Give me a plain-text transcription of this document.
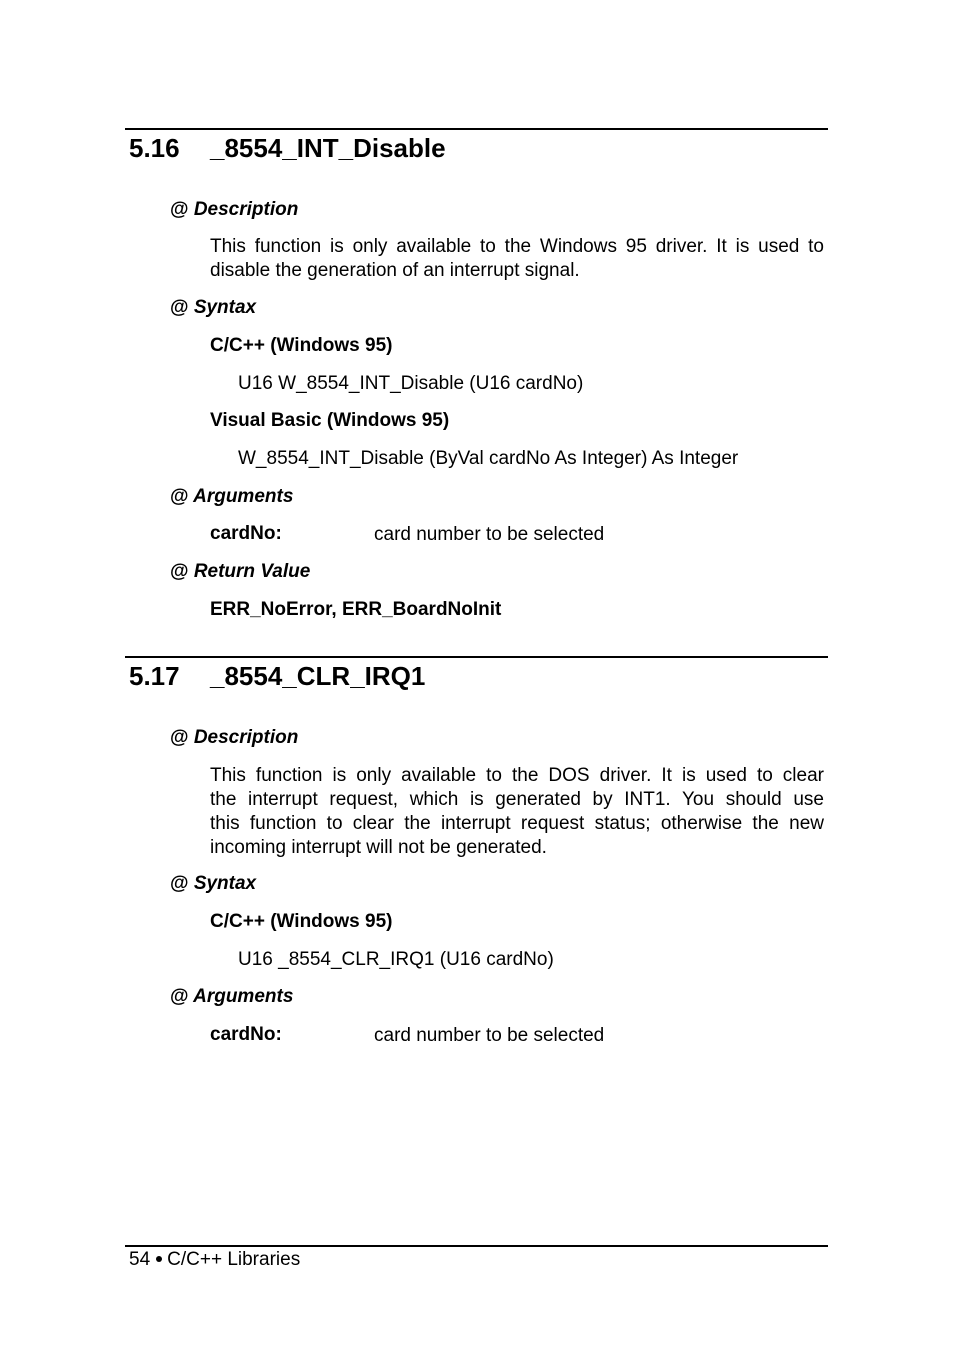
5.16 _8554_INT_Disable
@ Description
This function is only available to the Windows 95 driver. It is used to
disable the generation of an interrupt signal.
@ Syntax
C/C++ (Windows 95)
U16 W_8554_INT_Disable (U16 cardNo)
Visual Basic (Windows 95)
W_8554_INT_Disable (ByVal cardNo As Integer) As Integer
@ Arguments
cardNo:	card number to be selected
@ Return Value
ERR_NoError, ERR_BoardNoInit
5.17 _8554_CLR_IRQ1
@ Description
This function is only available to the DOS driver. It is used to clear
the interrupt request, which is generated by INT1. You should use
this function to clear the interrupt request status; otherwise the new
incoming interrupt will not be generated.
@ Syntax
C/C++ (Windows 95)
U16 _8554_CLR_IRQ1 (U16 cardNo)
@ Arguments
cardNo:	card number to be selected
54 C/C++ Libraries
